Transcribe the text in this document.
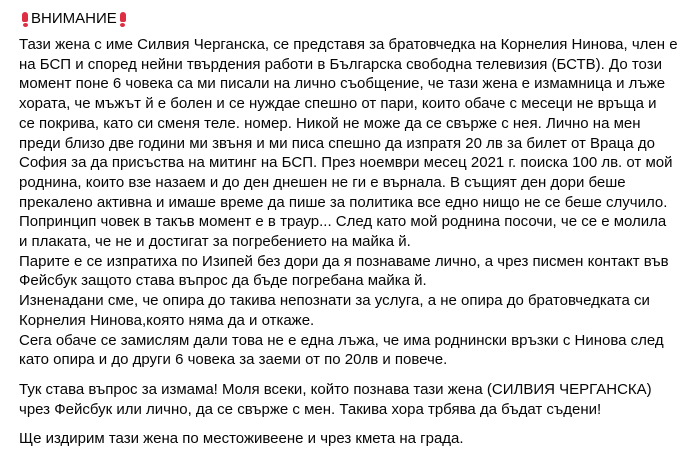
ВНИМАНИЕ
Тази жена с име Силвия Черганска, се представя за братовчедка на Корнелия Нинова, член е
на БСП и според нейни твърдения работи в Българска свободна телевизия (БСТВ). До този
момент поне 6 човека са ми писали на лично съобщение, че тази жена е измамница и лъже
хората, че мъжът й е болен и се нуждае спешно от пари, които обаче с месеци не връща и
се покрива, като си сменя теле. номер. Никой не може да се свърже с нея. Лично на мен
преди близо две години ми звъня и ми писа спешно да изпратя 20 лв за билет от Враца до
София за да присъства на митинг на БСП. През ноември месец 2021 г. поиска 100 лв. от мой
роднина, които взе назаем и до ден днешен не ги е върнала. В същият ден дори беше
прекалено активна и имаше време да пише за политика все едно нищо не се беше случило.
Попринцип човек в такъв момент е в траур... След като мой роднина посочи, че се е молила
и плаката, че не и достигат за погребението на майка й.
Парите е се изпратиха по Изипей без дори да я познаваме лично, а чрез писмен контакт във
Фейсбук защото става въпрос да бъде погребана майка й.
Изненадани сме, че опира до такива непознати за услуга, а не опира до братовчедката си
Корнелия Нинова,която няма да и откаже.
Сега обаче се замислям дали това не е една лъжа, че има роднински връзки с Нинова след
като опира и до други 6 човека за заеми от по 20лв и повече.
Тук става въпрос за измама! Моля всеки, който познава тази жена (СИЛВИЯ ЧЕРГАНСКА)
чрез Фейсбук или лично, да се свърже с мен. Такива хора трбява да бъдат съдени!
Ще издирим тази жена по местоживеене и чрез кмета на града.
